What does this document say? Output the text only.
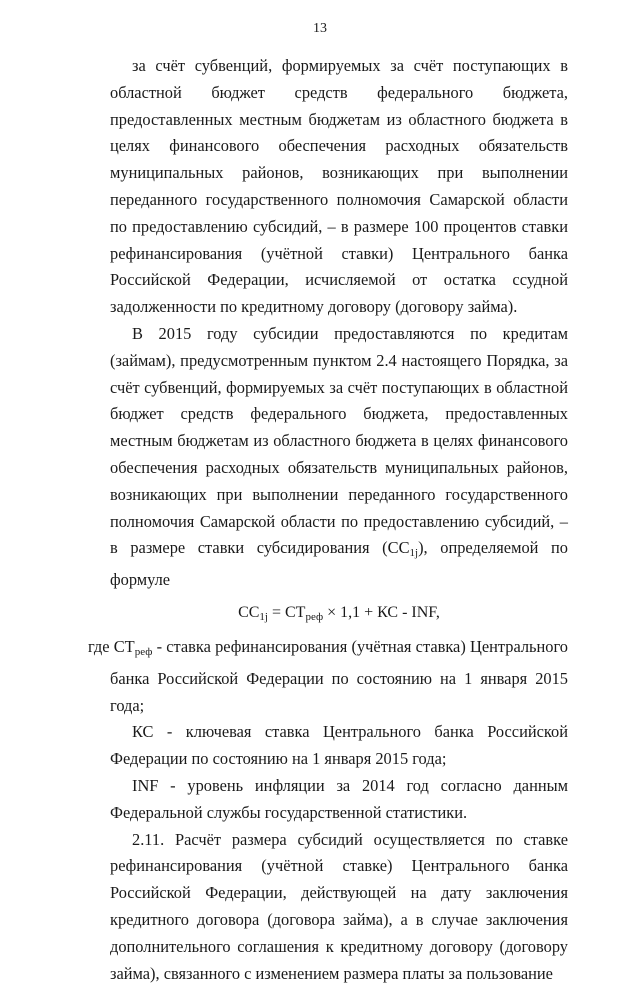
13

за счёт субвенций, формируемых за счёт поступающих в областной бюджет средств федерального бюджета, предоставленных местным бюджетам из областного бюджета в целях финансового обеспечения расходных обязательств муниципальных районов, возникающих при выполнении переданного государственного полномочия Самарской области по предоставлению субсидий, – в размере 100 процентов ставки рефинансирования (учётной ставки) Центрального банка Российской Федерации, исчисляемой от остатка ссудной задолженности по кредитному договору (договору займа).

В 2015 году субсидии предоставляются по кредитам (займам), предусмотренным пунктом 2.4 настоящего Порядка, за счёт субвенций, формируемых за счёт поступающих в областной бюджет средств федерального бюджета, предоставленных местным бюджетам из областного бюджета в целях финансового обеспечения расходных обязательств муниципальных районов, возникающих при выполнении переданного государственного полномочия Самарской области по предоставлению субсидий, – в размере ставки субсидирования $(СС_{1j})$, определяемой по формуле

$СС_{1j} = СТ_{реф} \times 1,1$ + КС - INF,

где $СТ_{реф}$ - ставка рефинансирования (учётная ставка) Центрального банка Российской Федерации по состоянию на 1 января 2015 года;

КС - ключевая ставка Центрального банка Российской Федерации по состоянию на 1 января 2015 года;

INF - уровень инфляции за 2014 год согласно данным Федеральной службы государственной статистики.

2.11. Расчёт размера субсидий осуществляется по ставке рефинансирования (учётной ставке) Центрального банка Российской Федерации, действующей на дату заключения кредитного договора (договора займа), а в случае заключения дополнительного соглашения к кредитному договору (договору займа), связанного с изменением размера платы за пользование
